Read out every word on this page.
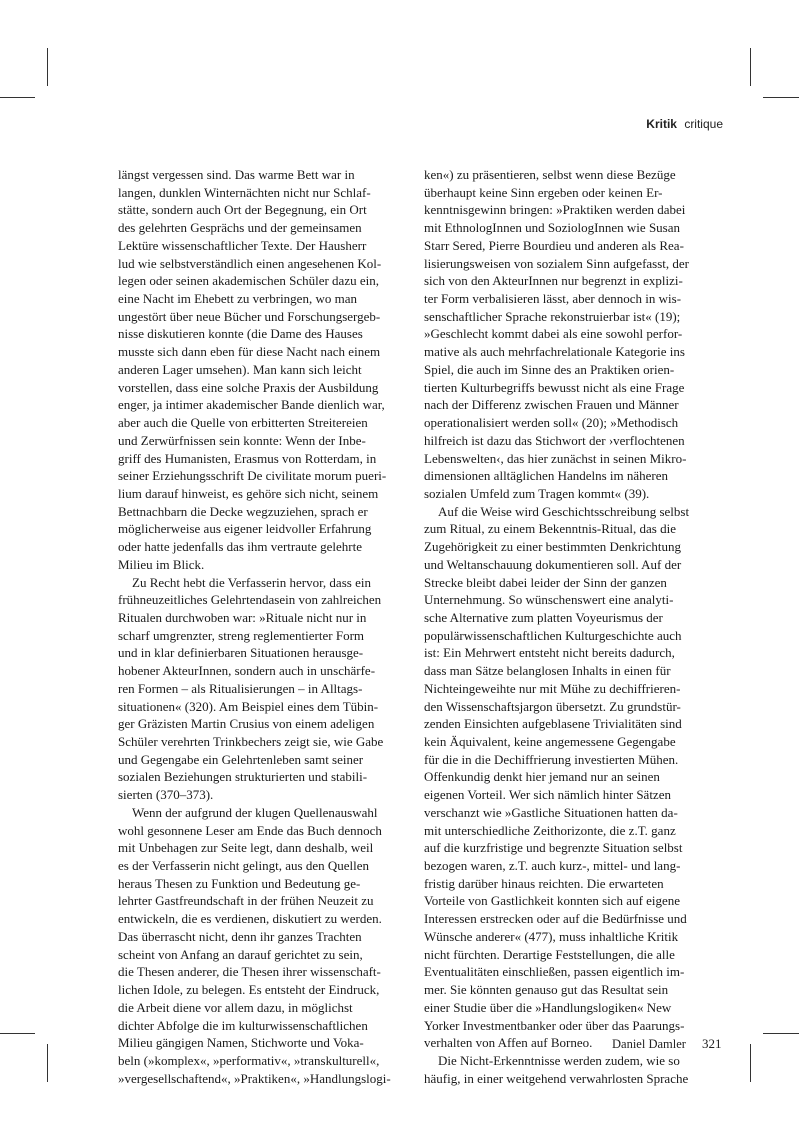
Kritik critique
längst vergessen sind. Das warme Bett war in
langen, dunklen Winternächten nicht nur Schlaf-
stätte, sondern auch Ort der Begegnung, ein Ort
des gelehrten Gesprächs und der gemeinsamen
Lektüre wissenschaftlicher Texte. Der Hausherr
lud wie selbstverständlich einen angesehenen Kol-
legen oder seinen akademischen Schüler dazu ein,
eine Nacht im Ehebett zu verbringen, wo man
ungestört über neue Bücher und Forschungsergeb-
nisse diskutieren konnte (die Dame des Hauses
musste sich dann eben für diese Nacht nach einem
anderen Lager umsehen). Man kann sich leicht
vorstellen, dass eine solche Praxis der Ausbildung
enger, ja intimer akademischer Bande dienlich war,
aber auch die Quelle von erbitterten Streitereien
und Zerwürfnissen sein konnte: Wenn der Inbe-
griff des Humanisten, Erasmus von Rotterdam, in
seiner Erziehungsschrift De civilitate morum pueri-
lium darauf hinweist, es gehöre sich nicht, seinem
Bettnachbarn die Decke wegzuziehen, sprach er
möglicherweise aus eigener leidvoller Erfahrung
oder hatte jedenfalls das ihm vertraute gelehrte
Milieu im Blick.
Zu Recht hebt die Verfasserin hervor, dass ein
frühneuzeitliches Gelehrtendasein von zahlreichen
Ritualen durchwoben war: »Rituale nicht nur in
scharf umgrenzter, streng reglementierter Form
und in klar definierbaren Situationen herausge-
hobener AkteurInnen, sondern auch in unschärfe-
ren Formen – als Ritualisierungen – in Alltags-
situationen« (320). Am Beispiel eines dem Tübin-
ger Gräzisten Martin Crusius von einem adeligen
Schüler verehrten Trinkbechers zeigt sie, wie Gabe
und Gegengabe ein Gelehrtenleben samt seiner
sozialen Beziehungen strukturierten und stabili-
sierten (370–373).
Wenn der aufgrund der klugen Quellenauswahl
wohl gesonnene Leser am Ende das Buch dennoch
mit Unbehagen zur Seite legt, dann deshalb, weil
es der Verfasserin nicht gelingt, aus den Quellen
heraus Thesen zu Funktion und Bedeutung ge-
lehrter Gastfreundschaft in der frühen Neuzeit zu
entwickeln, die es verdienen, diskutiert zu werden.
Das überrascht nicht, denn ihr ganzes Trachten
scheint von Anfang an darauf gerichtet zu sein,
die Thesen anderer, die Thesen ihrer wissenschaft-
lichen Idole, zu belegen. Es entsteht der Eindruck,
die Arbeit diene vor allem dazu, in möglichst
dichter Abfolge die im kulturwissenschaftlichen
Milieu gängigen Namen, Stichworte und Voka-
beln (»komplex«, »performativ«, »transkulturell«,
»vergesellschaftend«, »Praktiken«, »Handlungslogi-
ken«) zu präsentieren, selbst wenn diese Bezüge
überhaupt keine Sinn ergeben oder keinen Er-
kenntnisgewinn bringen: »Praktiken werden dabei
mit EthnologInnen und SoziologInnen wie Susan
Starr Sered, Pierre Bourdieu und anderen als Rea-
lisierungsweisen von sozialem Sinn aufgefasst, der
sich von den AkteurInnen nur begrenzt in explizi-
ter Form verbalisieren lässt, aber dennoch in wis-
senschaftlicher Sprache rekonstruierbar ist« (19);
»Geschlecht kommt dabei als eine sowohl perfor-
mative als auch mehrfachrelationale Kategorie ins
Spiel, die auch im Sinne des an Praktiken orien-
tierten Kulturbegriffs bewusst nicht als eine Frage
nach der Differenz zwischen Frauen und Männer
operationalisiert werden soll« (20); »Methodisch
hilfreich ist dazu das Stichwort der ›verflochtenen
Lebenswelten‹, das hier zunächst in seinen Mikro-
dimensionen alltäglichen Handelns im näheren
sozialen Umfeld zum Tragen kommt« (39).
Auf die Weise wird Geschichtsschreibung selbst
zum Ritual, zu einem Bekenntnis-Ritual, das die
Zugehörigkeit zu einer bestimmten Denkrichtung
und Weltanschauung dokumentieren soll. Auf der
Strecke bleibt dabei leider der Sinn der ganzen
Unternehmung. So wünschenswert eine analyti-
sche Alternative zum platten Voyeurismus der
populärwissenschaftlichen Kulturgeschichte auch
ist: Ein Mehrwert entsteht nicht bereits dadurch,
dass man Sätze belanglosen Inhalts in einen für
Nichteingeweihte nur mit Mühe zu dechiffrieren-
den Wissenschaftsjargon übersetzt. Zu grundstür-
zenden Einsichten aufgeblasene Trivialitäten sind
kein Äquivalent, keine angemessene Gegengabe
für die in die Dechiffrierung investierten Mühen.
Offenkundig denkt hier jemand nur an seinen
eigenen Vorteil. Wer sich nämlich hinter Sätzen
verschanzt wie »Gastliche Situationen hatten da-
mit unterschiedliche Zeithorizonte, die z.T. ganz
auf die kurzfristige und begrenzte Situation selbst
bezogen waren, z.T. auch kurz-, mittel- und lang-
fristig darüber hinaus reichten. Die erwarteten
Vorteile von Gastlichkeit konnten sich auf eigene
Interessen erstrecken oder auf die Bedürfnisse und
Wünsche anderer« (477), muss inhaltliche Kritik
nicht fürchten. Derartige Feststellungen, die alle
Eventualitäten einschließen, passen eigentlich im-
mer. Sie könnten genauso gut das Resultat sein
einer Studie über die »Handlungslogiken« New
Yorker Investmentbanker oder über das Paarungs-
verhalten von Affen auf Borneo.
Die Nicht-Erkenntnisse werden zudem, wie so
häufig, in einer weitgehend verwahrlosten Sprache
Daniel Damler 321
